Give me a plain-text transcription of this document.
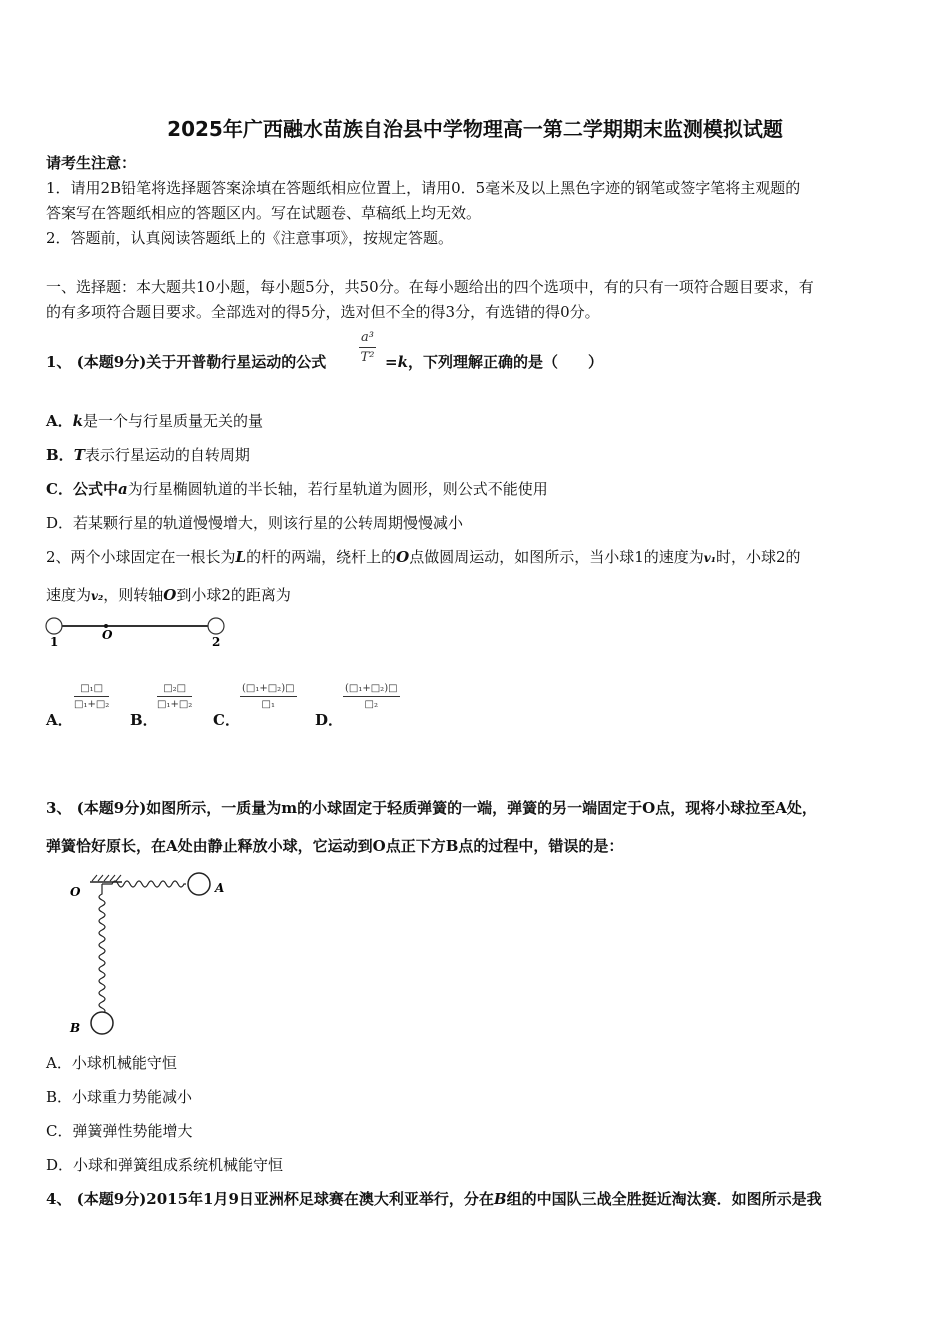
2025年广西融水苗族自治县中学物理高一第二学期期末监测模拟试题
请考生注意：
1．请用2B铅笔将选择题答案涂填在答题纸相应位置上，请用0．5毫米及以上黑色字迹的钢笔或签字笔将主观题的
答案写在答题纸相应的答题区内。写在试题卷、草稿纸上均无效。
2．答题前，认真阅读答题纸上的《注意事项》，按规定答题。
一、选择题：本大题共10小题，每小题5分，共50分。在每小题给出的四个选项中，有的只有一项符合题目要求，有
的有多项符合题目要求。全部选对的得5分，选对但不全的得3分，有选错的得0分。
1、 (本题9分)关于开普勒行星运动的公式	$\frac{\text{a³}}{\text{T²}} =k$，下列理解正确的是（　　）
A．k是一个与行星质量无关的量
B．T表示行星运动的自转周期
C．公式中a为行星椭圆轨道的半长轴，若行星轨道为圆形，则公式不能使用
D．若某颗行星的轨道慢慢增大，则该行星的公转周期慢慢减小
2、两个小球固定在一根长为L的杆的两端，绕杆上的O点做圆周运动，如图所示，当小球1的速度为v₁时，小球2的
速度为v₂，则转轴O到小球2的距离为
1	O	2
A．
□₁□
□₁+□₂
B．
□₂□
□₁+□₂
C．
(□₁+□₂)□
□₁
D．
(□₁+□₂)□
□₂
3、 (本题9分)如图所示，一质量为m的小球固定于轻质弹簧的一端，弹簧的另一端固定于O点，现将小球拉至A处，
弹簧恰好原长，在A处由静止释放小球，它运动到O点正下方B点的过程中，错误的是：
O	A
B
A．小球机械能守恒
B．小球重力势能减小
C．弹簧弹性势能增大
D．小球和弹簧组成系统机械能守恒
4、 (本题9分)2015年1月9日亚洲杯足球赛在澳大利亚举行，分在B组的中国队三战全胜挺近淘汰赛．如图所示是我
